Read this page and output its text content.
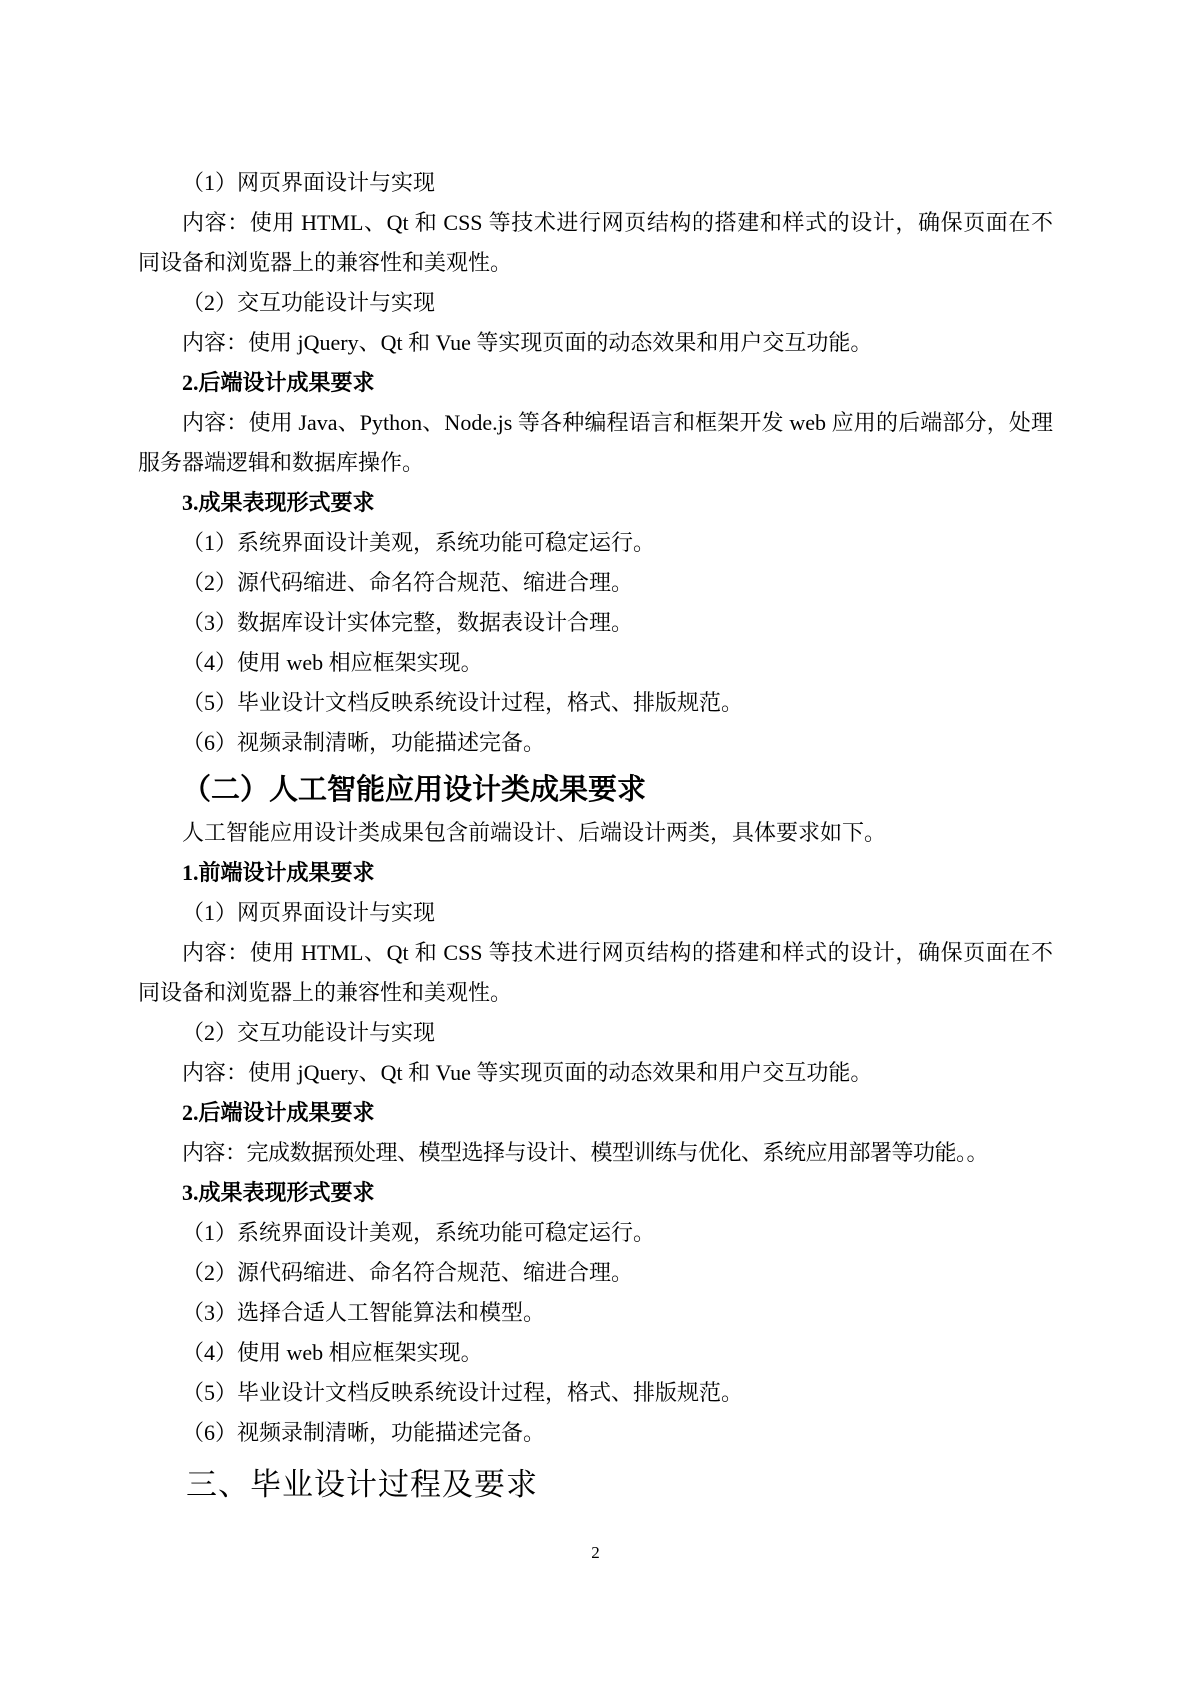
（1）网页界面设计与实现

内容：使用 HTML、Qt 和 CSS 等技术进行网页结构的搭建和样式的设计，确保页面在不同设备和浏览器上的兼容性和美观性。

（2）交互功能设计与实现

内容：使用 jQuery、Qt 和 Vue 等实现页面的动态效果和用户交互功能。

2.后端设计成果要求

内容：使用 Java、Python、Node.js 等各种编程语言和框架开发 web 应用的后端部分，处理服务器端逻辑和数据库操作。

3.成果表现形式要求

（1）系统界面设计美观，系统功能可稳定运行。

（2）源代码缩进、命名符合规范、缩进合理。

（3）数据库设计实体完整，数据表设计合理。

（4）使用 web 相应框架实现。

（5）毕业设计文档反映系统设计过程，格式、排版规范。

（6）视频录制清晰，功能描述完备。

（二）人工智能应用设计类成果要求

人工智能应用设计类成果包含前端设计、后端设计两类，具体要求如下。

1.前端设计成果要求

（1）网页界面设计与实现

内容：使用 HTML、Qt 和 CSS 等技术进行网页结构的搭建和样式的设计，确保页面在不同设备和浏览器上的兼容性和美观性。

（2）交互功能设计与实现

内容：使用 jQuery、Qt 和 Vue 等实现页面的动态效果和用户交互功能。

2.后端设计成果要求

内容：完成数据预处理、模型选择与设计、模型训练与优化、系统应用部署等功能。。

3.成果表现形式要求

（1）系统界面设计美观，系统功能可稳定运行。

（2）源代码缩进、命名符合规范、缩进合理。

（3）选择合适人工智能算法和模型。

（4）使用 web 相应框架实现。

（5）毕业设计文档反映系统设计过程，格式、排版规范。

（6）视频录制清晰，功能描述完备。

三、毕业设计过程及要求

2
